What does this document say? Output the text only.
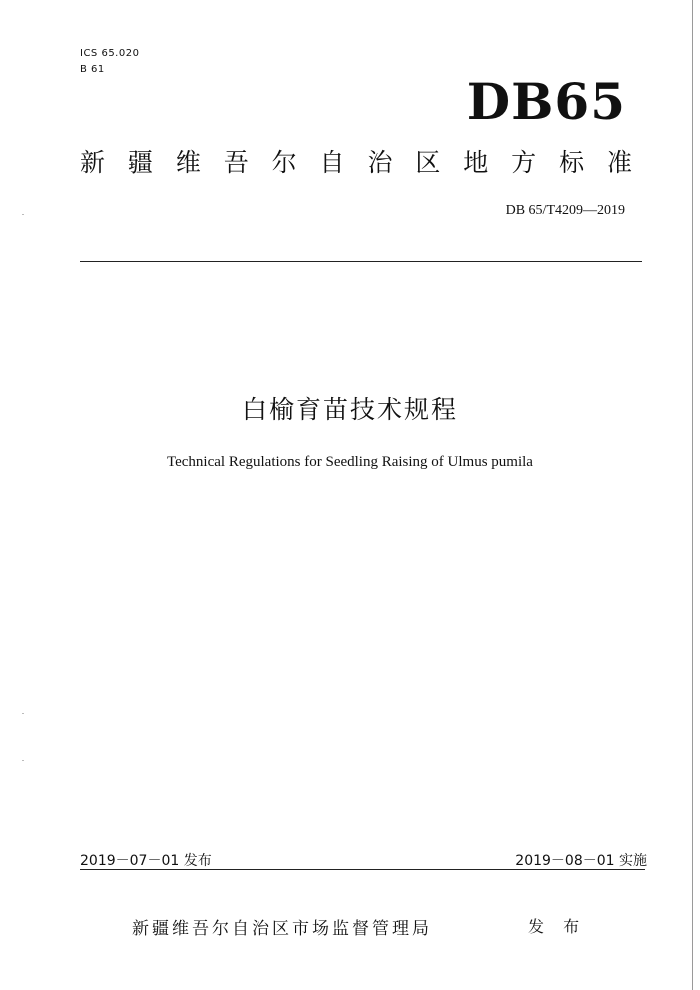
ICS 65.020
B 61
DB65
新 疆 维 吾 尔 自 治 区 地 方 标 准
DB 65/T4209—2019
白榆育苗技术规程
Technical Regulations for Seedling Raising of Ulmus pumila
2019－07－01 发布	2019－08－01 实施
新疆维吾尔自治区市场监督管理局	发 布
